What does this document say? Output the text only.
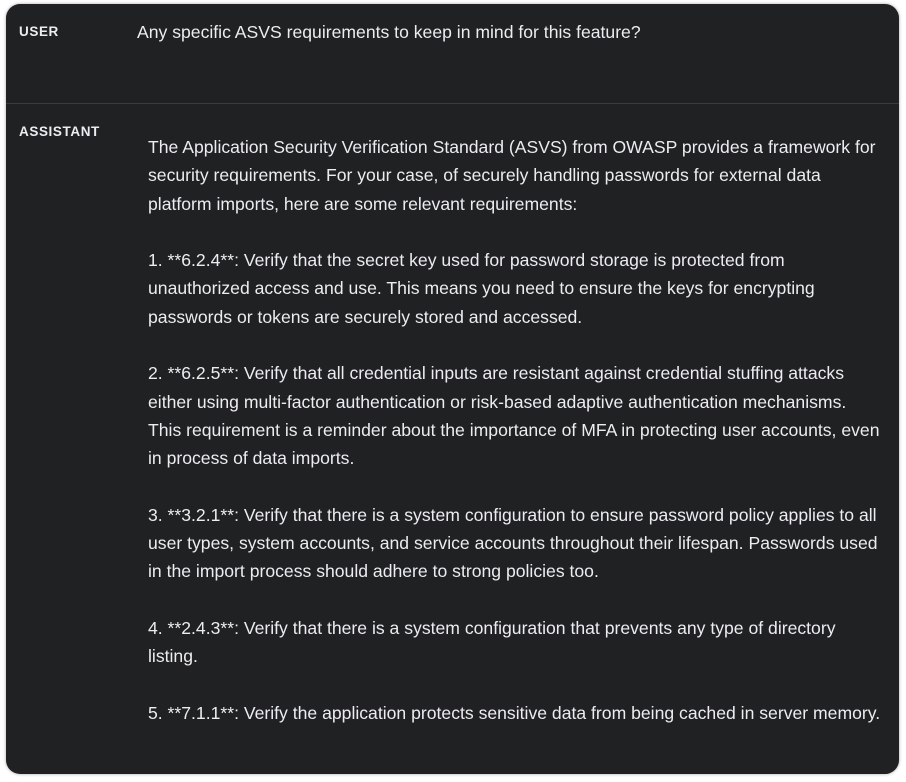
USER	Any specific ASVS requirements to keep in mind for this feature?
ASSISTANT

The Application Security Verification Standard (ASVS) from OWASP provides a framework for security requirements. For your case, of securely handling passwords for external data platform imports, here are some relevant requirements:

1. **6.2.4**: Verify that the secret key used for password storage is protected from unauthorized access and use. This means you need to ensure the keys for encrypting passwords or tokens are securely stored and accessed.

2. **6.2.5**: Verify that all credential inputs are resistant against credential stuffing attacks either using multi-factor authentication or risk-based adaptive authentication mechanisms. This requirement is a reminder about the importance of MFA in protecting user accounts, even in process of data imports.

3. **3.2.1**: Verify that there is a system configuration to ensure password policy applies to all user types, system accounts, and service accounts throughout their lifespan. Passwords used in the import process should adhere to strong policies too.

4. **2.4.3**: Verify that there is a system configuration that prevents any type of directory listing.

5. **7.1.1**: Verify the application protects sensitive data from being cached in server memory.
